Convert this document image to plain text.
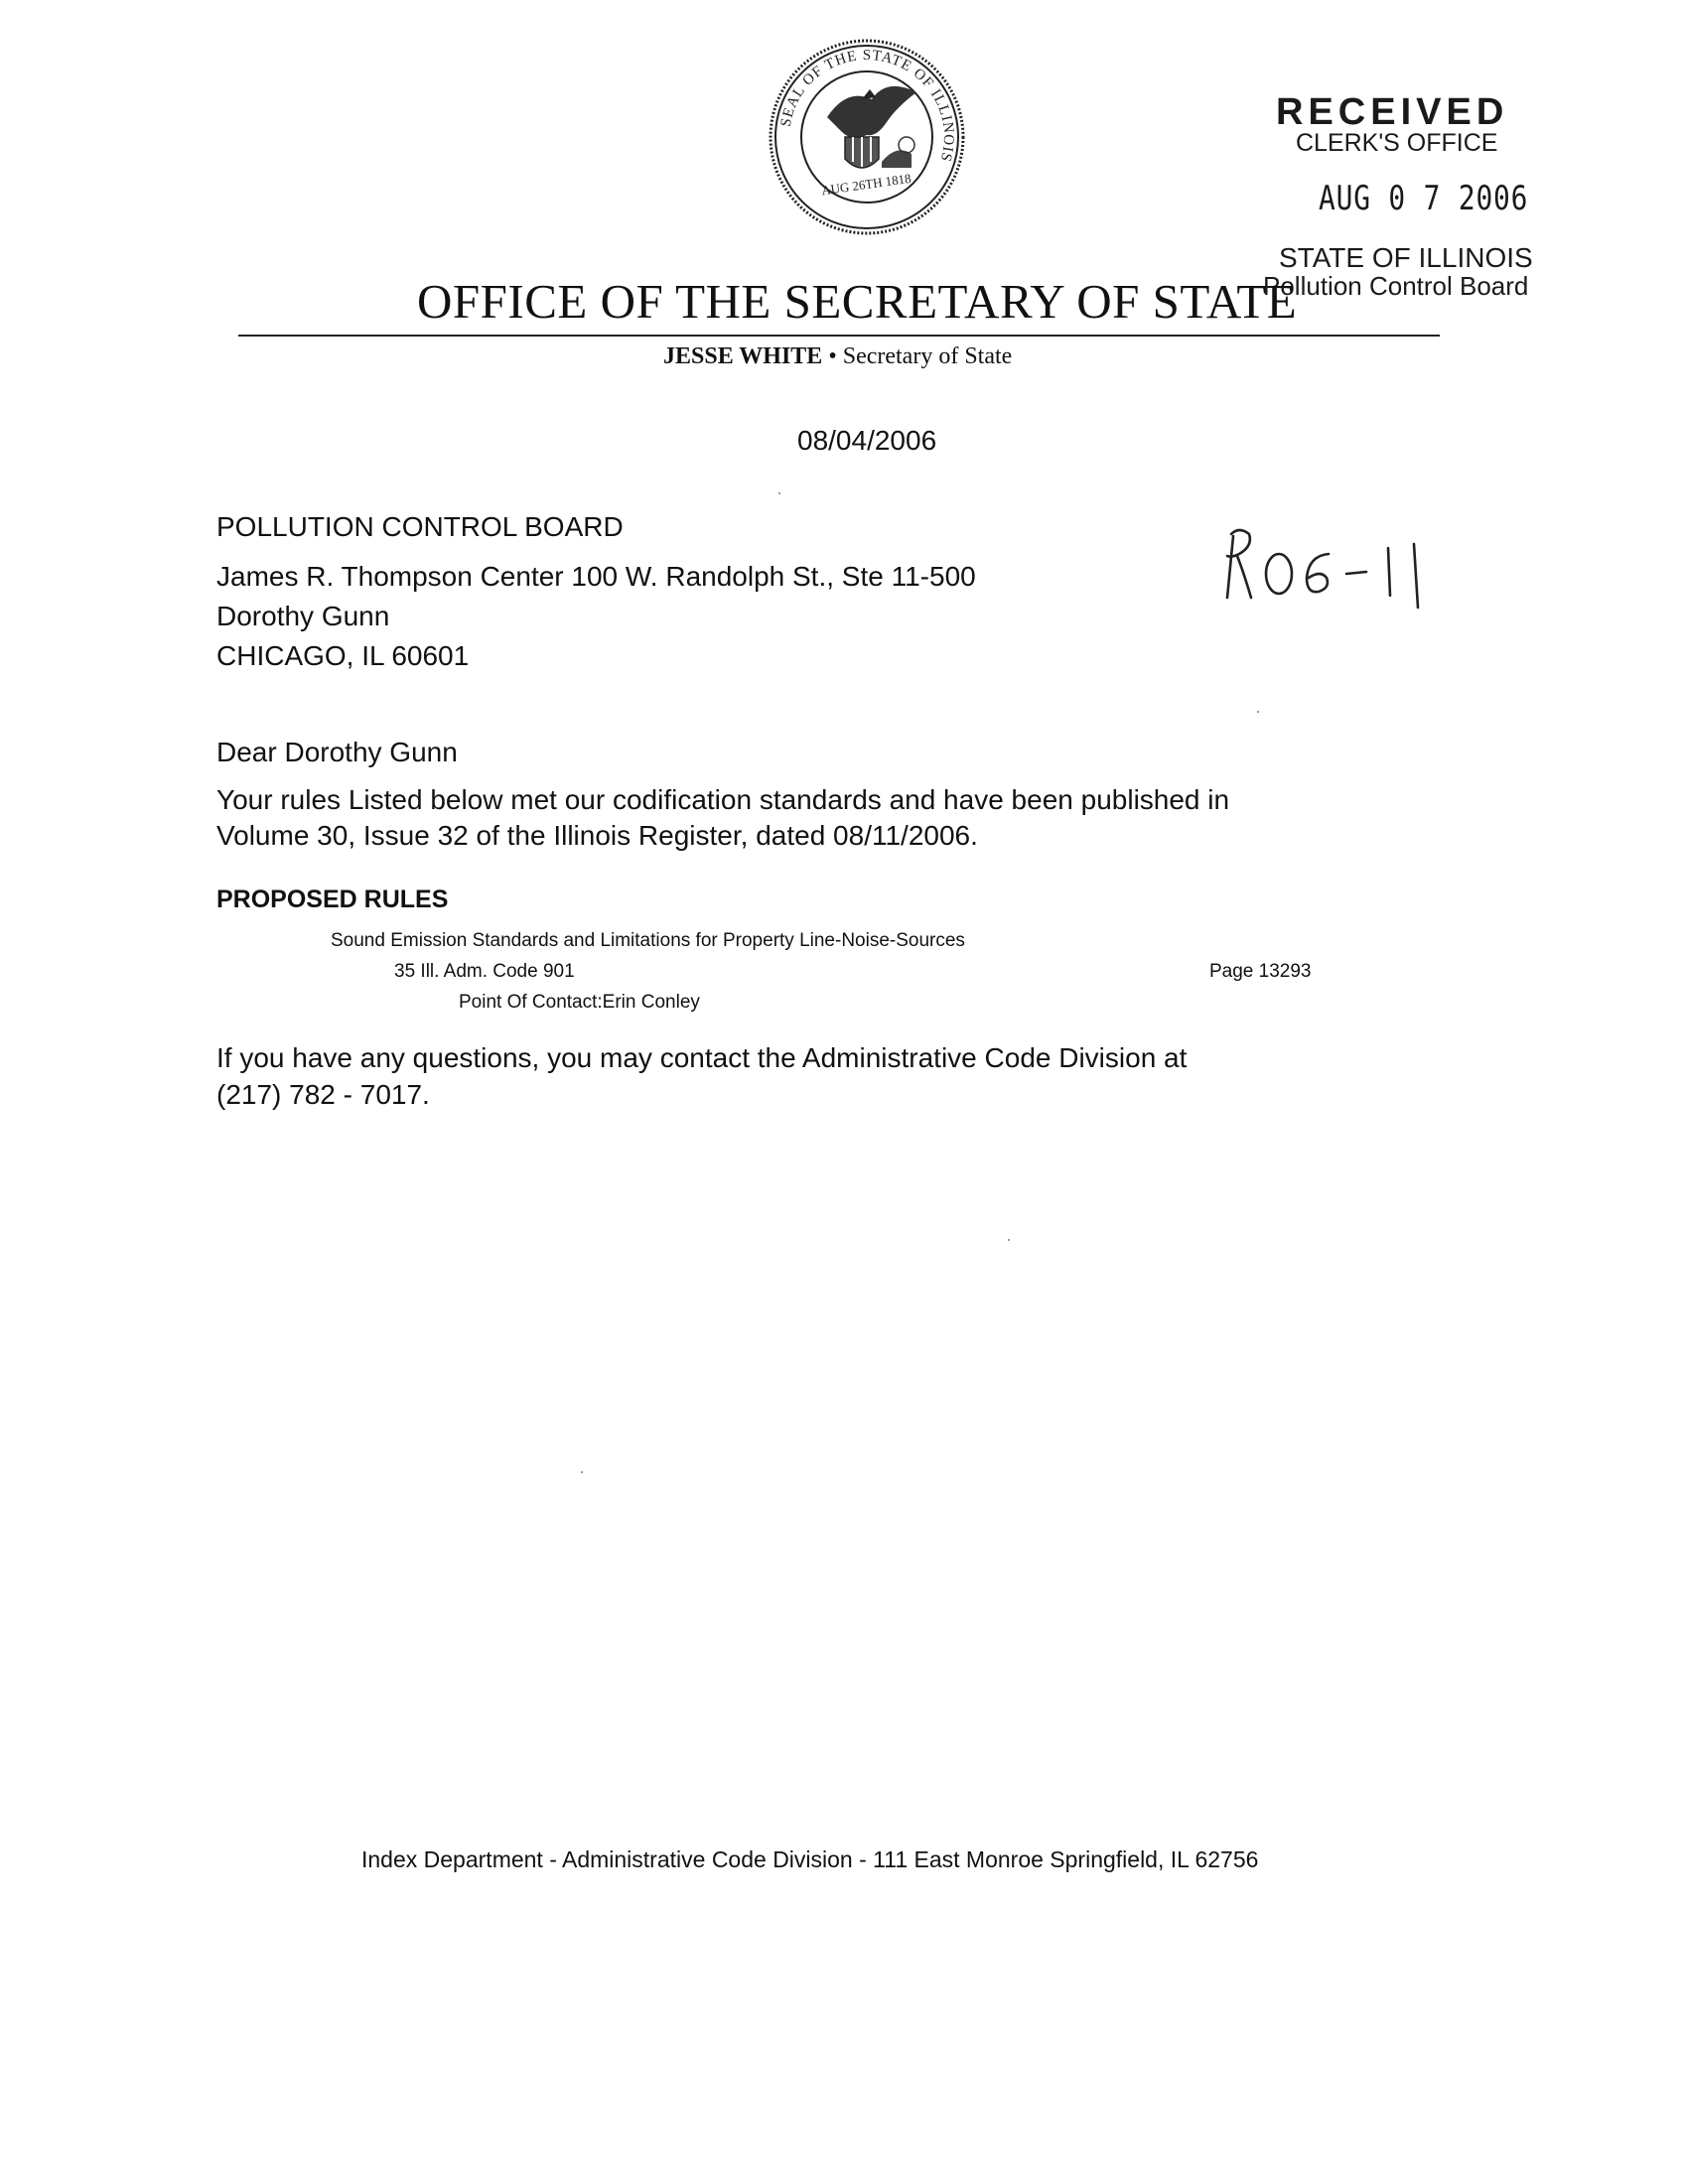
SEAL OF THE STATE OF ILLINOIS
AUG 26TH 1818
RECEIVED
CLERK'S OFFICE
AUG 0 7 2006
STATE OF ILLINOIS
Pollution Control Board
OFFICE OF THE SECRETARY OF STATE
JESSE WHITE • Secretary of State
08/04/2006
POLLUTION CONTROL BOARD
James R. Thompson Center 100 W. Randolph St., Ste 11-500
Dorothy Gunn
CHICAGO, IL 60601
Dear Dorothy Gunn
Your rules Listed below met our codification standards and have been published in
Volume 30, Issue 32 of the Illinois Register, dated 08/11/2006.
PROPOSED RULES
Sound Emission Standards and Limitations for Property Line-Noise-Sources
35 Ill. Adm. Code 901	Page 13293
Point Of Contact:Erin Conley
If you have any questions, you may contact the Administrative Code Division at
(217) 782 - 7017.
Index Department - Administrative Code Division - 111 East Monroe Springfield, IL 62756
